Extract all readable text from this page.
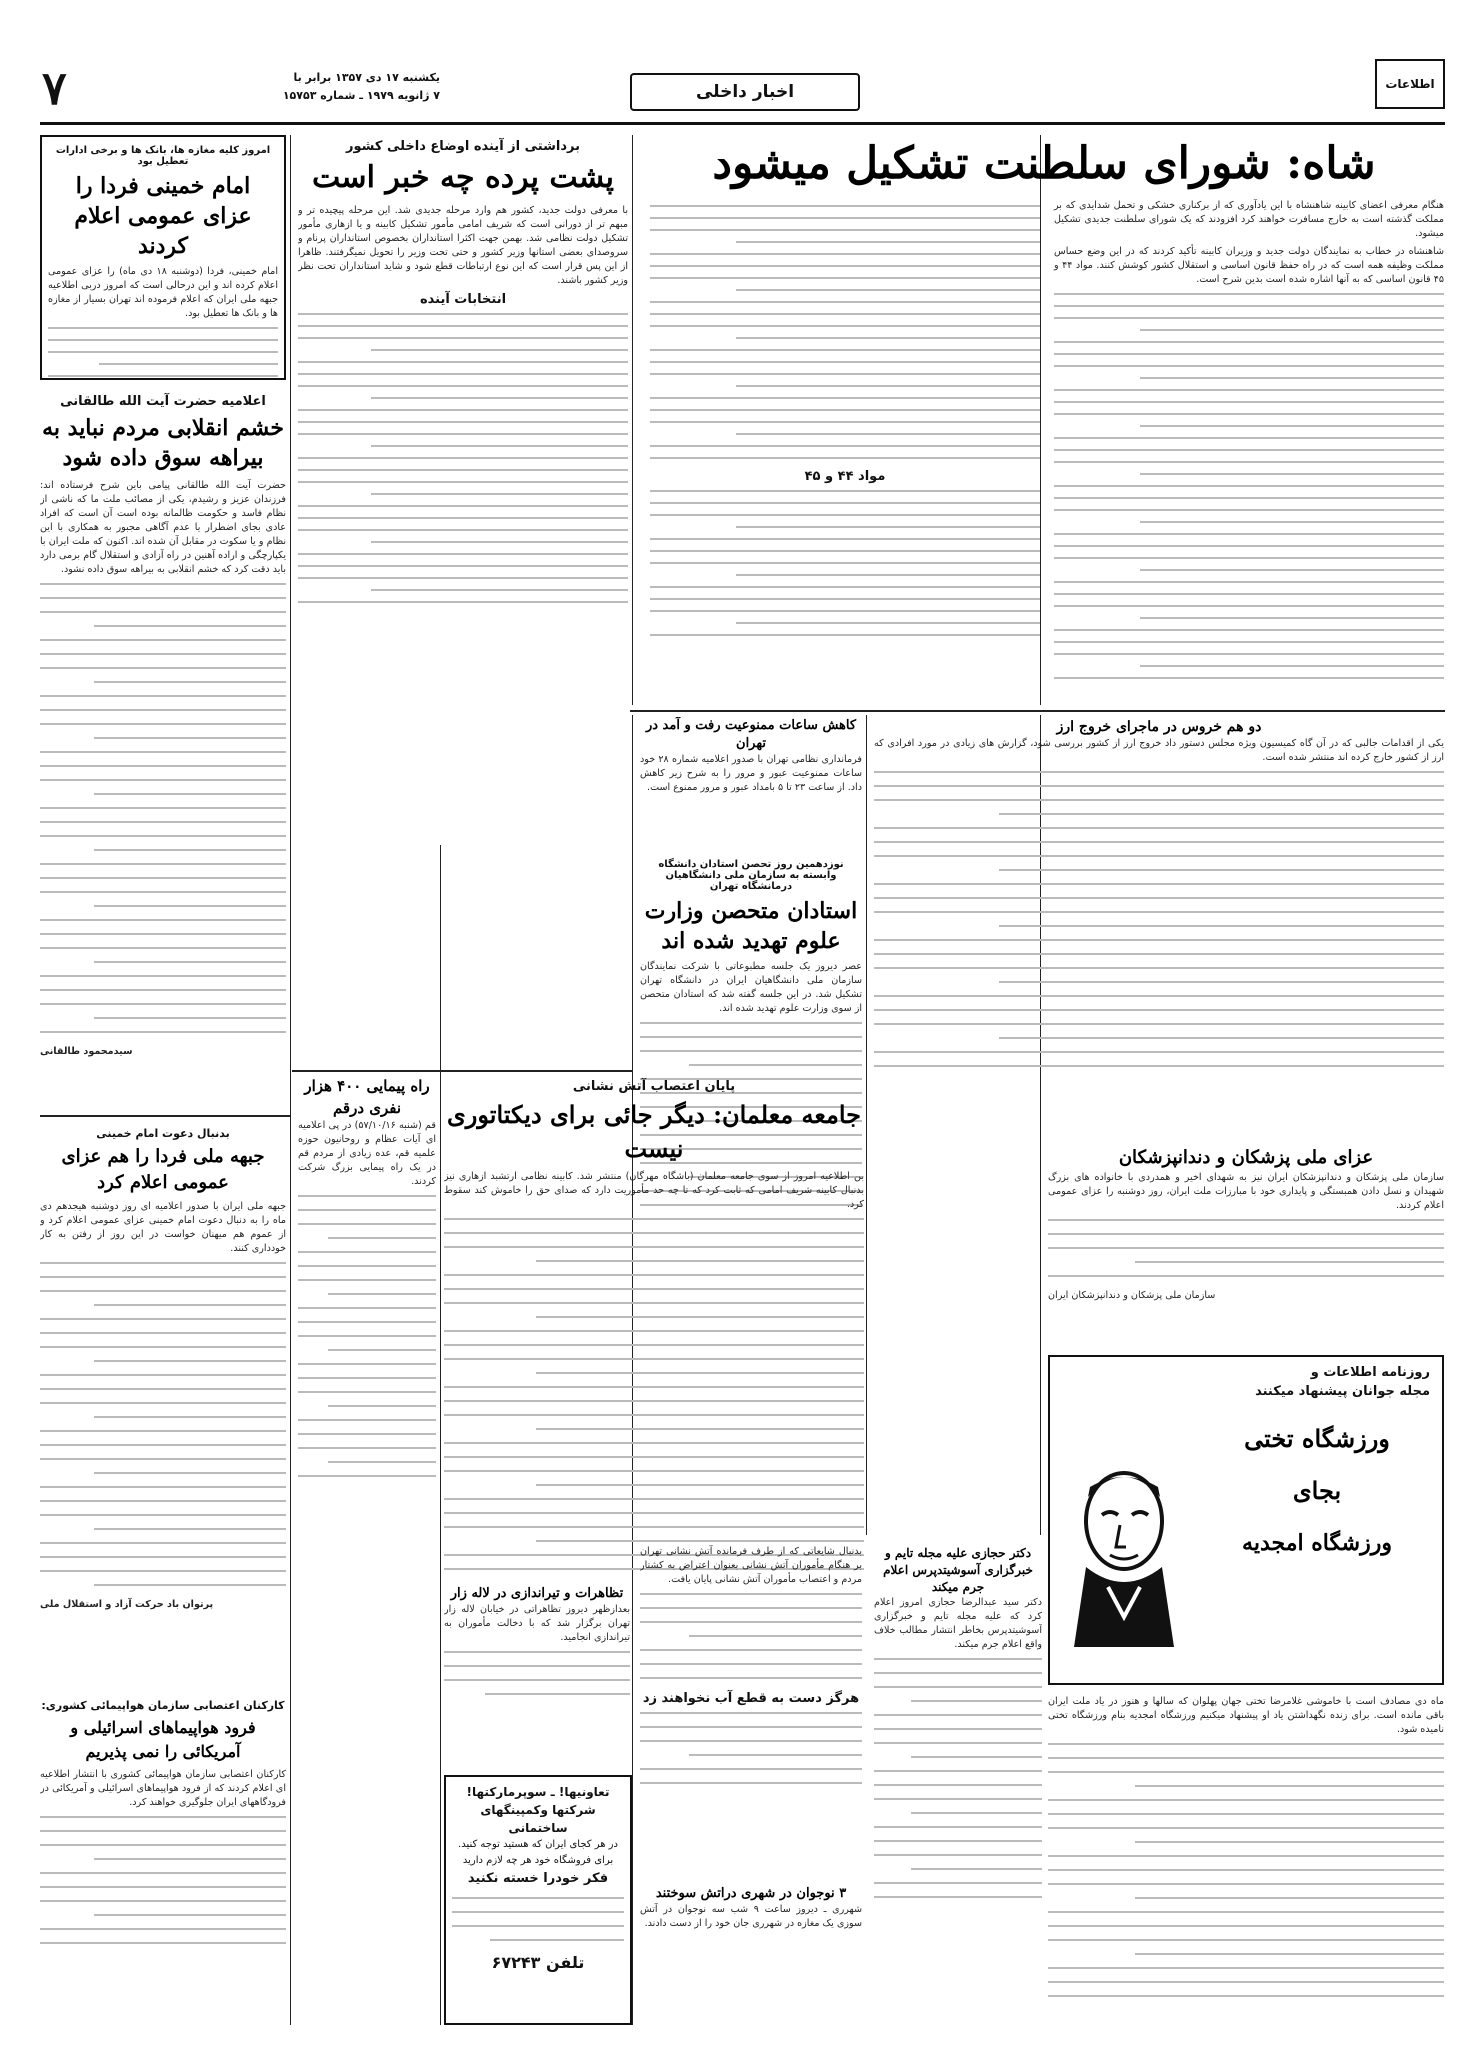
اطلاعات
اخبار داخلی
یکشنبه ۱۷ دی ۱۳۵۷ برابر با
۷ ژانویه ۱۹۷۹ ـ شماره ۱۵۷۵۳
۷
شاه: شورای سلطنت تشکیل میشود

هنگام معرفی اعضای کابینه شاهنشاه با این یادآوری که از برکناری خشکی و تحمل شدایدی که بر مملکت گذشته است به خارج مسافرت خواهند کرد افزودند که یک شورای سلطنت جدیدی تشکیل میشود.

شاهنشاه در خطاب به نمایندگان دولت جدید و وزیران کابینه تأکید کردند که در این وضع حساس مملکت وظیفه همه است که در راه حفظ قانون اساسی و استقلال کشور کوشش کنند. مواد ۴۴ و ۴۵ قانون اساسی که به آنها اشاره شده است بدین شرح است.

مواد ۴۴ و ۴۵

برداشتی از آینده اوضاع داخلی کشور

پشت پرده چه خبر است

با معرفی دولت جدید، کشور هم وارد مرحله جدیدی شد. این مرحله پیچیده تر و مبهم تر از دورانی است که شریف امامی مأمور تشکیل کابینه و یا ازهاری مأمور تشکیل دولت نظامی شد. بهمن جهت اکثرا استانداران بخصوص استانداران پرنام و سروصدای بعضی استانها وزیر کشور و حتی تحت وزیر را تحویل نمیگرفتند. ظاهرا از این پس قرار است که این نوع ارتباطات قطع شود و شاید استانداران تحت نظر وزیر کشور باشند.

انتخابات آینده

امروز کلیه مغازه ها، بانک ها و برخی ادارات تعطیل بود

امام خمینی فردا را عزای عمومی اعلام کردند

امام خمینی، فردا (دوشنبه ۱۸ دی ماه) را عزای عمومی اعلام کرده اند و این درحالی است که امروز دربی اطلاعیه جبهه ملی ایران که اعلام فرموده اند تهران بسیار از مغازه ها و بانک ها تعطیل بود.

اعلامیه حضرت آیت الله طالقانی

خشم انقلابی مردم نباید به بیراهه سوق داده شود

حضرت آیت الله طالقانی پیامی باین شرح فرستاده اند: فرزندان عزیز و رشیدم، یکی از مصائب ملت ما که ناشی از نظام فاسد و حکومت ظالمانه بوده است آن است که افراد عادی بجای اضطرار یا عدم آگاهی مجبور به همکاری با این نظام و یا سکوت در مقابل آن شده اند. اکنون که ملت ایران با یکپارچگی و اراده آهنین در راه آزادی و استقلال گام برمی دارد باید دقت کرد که خشم انقلابی به بیراهه سوق داده نشود.

سیدمحمود طالقانی

کاهش ساعات ممنوعیت رفت و آمد در تهران

فرمانداری نظامی تهران با صدور اعلامیه شماره ۲۸ خود ساعات ممنوعیت عبور و مرور را به شرح زیر کاهش داد. از ساعت ۲۳ تا ۵ بامداد عبور و مرور ممنوع است.

دو هم خروس در ماجرای خروج ارز

یکی از اقدامات جالبی که در آن گاه کمیسیون ویژه مجلس دستور داد خروج ارز از کشور بررسی شود، گزارش های زیادی در مورد افرادی که ارز از کشور خارج کرده اند منتشر شده است.

نوزدهمین روز تحصن استادان دانشگاه وابسته به سازمان ملی دانشگاهیان درمانشگاه تهران

استادان متحصن وزارت علوم تهدید شده اند

عصر دیروز یک جلسه مطبوعاتی با شرکت نمایندگان سازمان ملی دانشگاهیان ایران در دانشگاه تهران تشکیل شد. در این جلسه گفته شد که استادان متحصن از سوی وزارت علوم تهدید شده اند.

عزای ملی پزشکان و دندانپزشکان

سازمان ملی پزشکان و دندانپزشکان ایران نیز به شهدای اخیر و همدردی با خانواده های بزرگ شهیدان و نسل دادن همبستگی و پایداری خود با مبارزات ملت ایران، روز دوشنبه را عزای عمومی اعلام کردند.

سازمان ملی پزشکان و دندانپزشکان ایران

روزنامه اطلاعات و

مجله جوانان پیشنهاد میکنند

ورزشگاه تختی
بجای
ورزشگاه امجدیه

ماه دی مصادف است با خاموشی غلامرضا تختی جهان پهلوان که سالها و هنوز در یاد ملت ایران باقی مانده است. برای زنده نگهداشتن یاد او پیشنهاد میکنیم ورزشگاه امجدیه بنام ورزشگاه تختی نامیده شود.

پایان اعتصاب آتش نشانی

جامعه معلمان: دیگر جائی برای دیکتاتوری نیست

بن اطلاعیه امروز از سوی جامعه معلمان (باشگاه مهرگان) منتشر شد. کابینه نظامی ارتشبد ازهاری نیز بدنبال کابینه شریف امامی که ثابت کرد که تا چه حد مأموریت دارد که صدای حق را خاموش کند سقوط کرد.

بدنبال شایعاتی که از طرف فرمانده آتش نشانی تهران بر هنگام مأموران آتش نشانی بعنوان اعتراض به کشتار مردم و اعتصاب مأموران آتش نشانی پایان یافت.

هرگز دست به قطع آب نخواهند زد

راه پیمایی ۴۰۰ هزار نفری درقم

قم (شنبه ۵۷/۱۰/۱۶) در پی اعلامیه ای آیات عظام و روحانیون حوزه علمیه قم، عده زیادی از مردم قم در یک راه پیمایی بزرگ شرکت کردند.

بدنبال دعوت امام خمینی

جبهه ملی فردا را هم عزای عمومی اعلام کرد

جبهه ملی ایران با صدور اعلامیه ای روز دوشنبه هیجدهم دی ماه را به دنبال دعوت امام خمینی عزای عمومی اعلام کرد و از عموم هم میهنان خواست در این روز از رفتن به کار خودداری کنند.

پرتوان باد حرکت آزاد و استقلال ملی

کارکنان اعتصابی سازمان هواپیمائی کشوری:

فرود هواپیماهای اسرائیلی و آمریکائی را نمی پذیریم

کارکنان اعتصابی سازمان هواپیمائی کشوری با انتشار اطلاعیه ای اعلام کردند که از فرود هواپیماهای اسرائیلی و آمریکائی در فرودگاههای ایران جلوگیری خواهند کرد.

تظاهرات و تیراندازی در لاله زار

بعدازظهر دیروز تظاهراتی در خیابان لاله زار تهران برگزار شد که با دخالت مأموران به تیراندازی انجامید.

۳ نوجوان در شهری دراتش سوختند

شهرری ـ دیروز ساعت ۹ شب سه نوجوان در آتش سوزی یک مغازه در شهرری جان خود را از دست دادند.

دکتر حجازی علیه مجله تایم و خبرگزاری آسوشیتدپرس اعلام جرم میکند

دکتر سید عبدالرضا حجازی امروز اعلام کرد که علیه مجله تایم و خبرگزاری آسوشیتدپرس بخاطر انتشار مطالب خلاف واقع اعلام جرم میکند.

تعاونیها! ـ سوپرمارکتها!

شرکتها وکمپینگهای ساختمانی

در هر کجای ایران که هستید توجه کنید.

برای فروشگاه خود هر چه لازم دارید

فکر خودرا خسته نکنید

تلفن ۶۷۲۴۳
